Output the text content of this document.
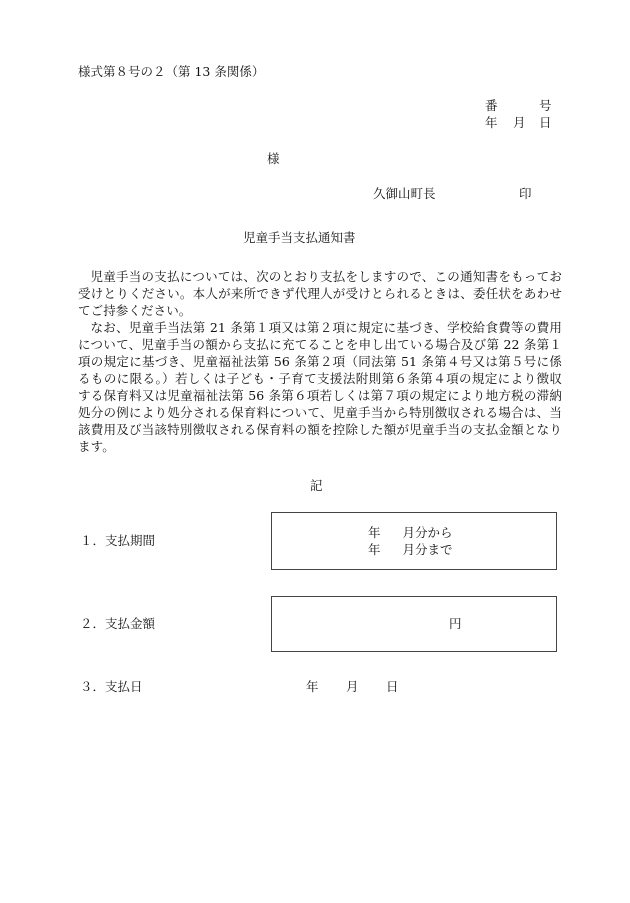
様式第８号の２（第 13 条関係）
番	号
年 月 日
様
久御山町長	印
児童手当支払通知書

児童手当の支払については、次のとおり支払をしますので、この通知書をもってお受けとりください。本人が来所できず代理人が受けとられるときは、委任状をあわせてご持参ください。

なお、児童手当法第 21 条第１項又は第２項に規定に基づき、学校給食費等の費用について、児童手当の額から支払に充てることを申し出ている場合及び第 22 条第１項の規定に基づき、児童福祉法第 56 条第２項（同法第 51 条第４号又は第５号に係るものに限る。）若しくは子ども・子育て支援法附則第６条第４項の規定により徴収する保育料又は児童福祉法第 56 条第６項若しくは第７項の規定により地方税の滞納処分の例により処分される保育料について、児童手当から特別徴収される場合は、当該費用及び当該特別徴収される保育料の額を控除した額が児童手当の支払金額となります。

記
１．支払期間
年 月分から
年 月分まで
２．支払金額	円
３．支払日	年 月 日
